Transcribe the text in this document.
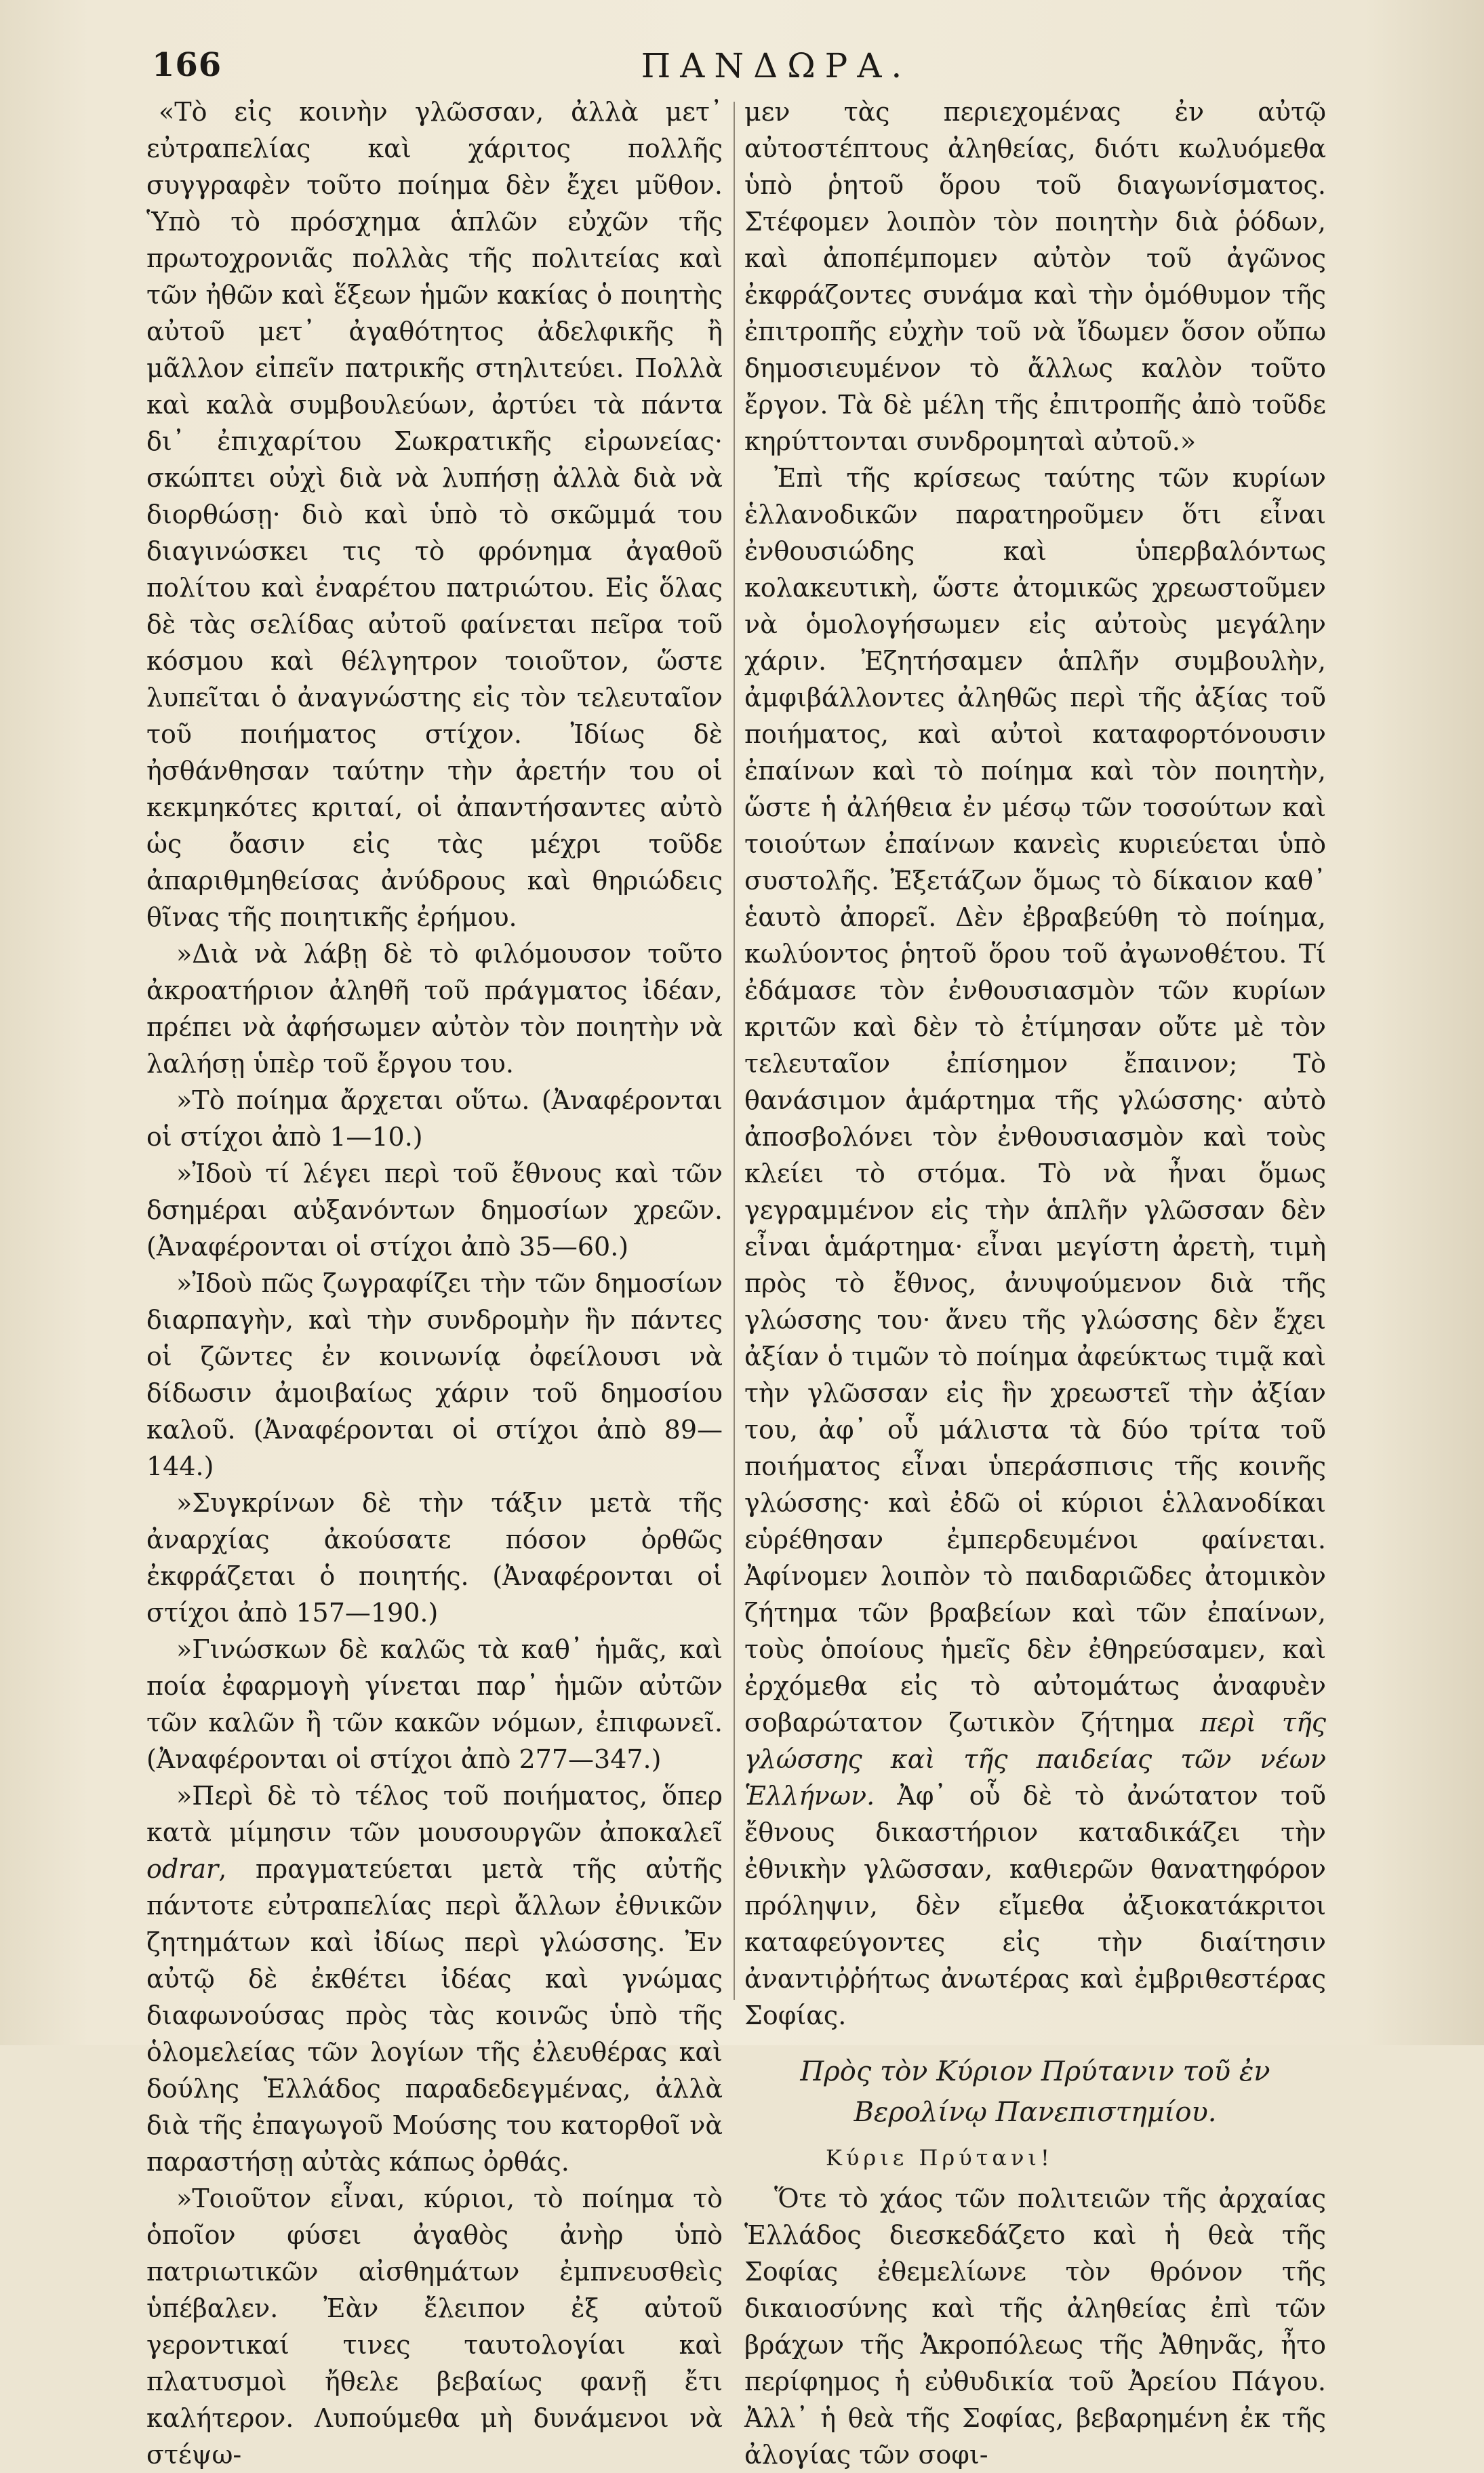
166	ΠΑΝΔΩΡΑ.

«Τὸ εἰς κοινὴν γλῶσσαν, ἀλλὰ μετ᾽ εὐτραπελίας καὶ χάριτος πολλῆς συγγραφὲν τοῦτο ποίημα δὲν ἔχει μῦθον. Ὑπὸ τὸ πρόσχημα ἁπλῶν εὐχῶν τῆς πρωτοχρονιᾶς πολλὰς τῆς πολιτείας καὶ τῶν ἠθῶν καὶ ἕξεων ἡμῶν κακίας ὁ ποιητὴς αὐτοῦ μετ᾽ ἀγαθότητος ἀδελφικῆς ἢ μᾶλλον εἰπεῖν πατρικῆς στηλιτεύει. Πολλὰ καὶ καλὰ συμβουλεύων, ἀρτύει τὰ πάντα δι᾽ ἐπιχαρίτου Σωκρατικῆς εἰρωνείας· σκώπτει οὐχὶ διὰ νὰ λυπήσῃ ἀλλὰ διὰ νὰ διορθώσῃ· διὸ καὶ ὑπὸ τὸ σκῶμμά του διαγινώσκει τις τὸ φρόνημα ἀγαθοῦ πολίτου καὶ ἐναρέτου πατριώτου. Εἰς ὅλας δὲ τὰς σελίδας αὐτοῦ φαίνεται πεῖρα τοῦ κόσμου καὶ θέλγητρον τοιοῦτον, ὥστε λυπεῖται ὁ ἀναγνώστης εἰς τὸν τελευταῖον τοῦ ποιήματος στίχον. Ἰδίως δὲ ἠσθάνθησαν ταύτην τὴν ἀρετήν του οἱ κεκμηκότες κριταί, οἱ ἀπαντήσαντες αὐτὸ ὡς ὄασιν εἰς τὰς μέχρι τοῦδε ἀπαριθμηθείσας ἀνύδρους καὶ θηριώδεις θῖνας τῆς ποιητικῆς ἐρήμου.

»Διὰ νὰ λάβῃ δὲ τὸ φιλόμουσον τοῦτο ἀκροατήριον ἀληθῆ τοῦ πράγματος ἰδέαν, πρέπει νὰ ἀφήσωμεν αὐτὸν τὸν ποιητὴν νὰ λαλήσῃ ὑπὲρ τοῦ ἔργου του.

»Τὸ ποίημα ἄρχεται οὕτω. (Ἀναφέρονται οἱ στίχοι ἀπὸ 1—10.)

»Ἰδοὺ τί λέγει περὶ τοῦ ἔθνους καὶ τῶν δσημέραι αὐξανόντων δημοσίων χρεῶν. (Ἀναφέρονται οἱ στίχοι ἀπὸ 35—60.)

»Ἰδοὺ πῶς ζωγραφίζει τὴν τῶν δημοσίων διαρπαγὴν, καὶ τὴν συνδρομὴν ἣν πάντες οἱ ζῶντες ἐν κοινωνίᾳ ὀφείλουσι νὰ δίδωσιν ἀμοιβαίως χάριν τοῦ δημοσίου καλοῦ. (Ἀναφέρονται οἱ στίχοι ἀπὸ 89—144.)

»Συγκρίνων δὲ τὴν τάξιν μετὰ τῆς ἀναρχίας ἀκούσατε πόσον ὀρθῶς ἐκφράζεται ὁ ποιητής. (Ἀναφέρονται οἱ στίχοι ἀπὸ 157—190.)

»Γινώσκων δὲ καλῶς τὰ καθ᾽ ἡμᾶς, καὶ ποία ἐφαρμογὴ γίνεται παρ᾽ ἡμῶν αὐτῶν τῶν καλῶν ἢ τῶν κακῶν νόμων, ἐπιφωνεῖ. (Ἀναφέρονται οἱ στίχοι ἀπὸ 277—347.)

»Περὶ δὲ τὸ τέλος τοῦ ποιήματος, ὅπερ κατὰ μίμησιν τῶν μουσουργῶν ἀποκαλεῖ odrar, πραγματεύεται μετὰ τῆς αὐτῆς πάντοτε εὐτραπελίας περὶ ἄλλων ἐθνικῶν ζητημάτων καὶ ἰδίως περὶ γλώσσης. Ἐν αὐτῷ δὲ ἐκθέτει ἰδέας καὶ γνώμας διαφωνούσας πρὸς τὰς κοινῶς ὑπὸ τῆς ὁλομελείας τῶν λογίων τῆς ἐλευθέρας καὶ δούλης Ἑλλάδος παραδεδεγμένας, ἀλλὰ διὰ τῆς ἐπαγωγοῦ Μούσης του κατορθοῖ νὰ παραστήσῃ αὐτὰς κάπως ὀρθάς.

»Τοιοῦτον εἶναι, κύριοι, τὸ ποίημα τὸ ὁποῖον φύσει ἀγαθὸς ἀνὴρ ὑπὸ πατριωτικῶν αἰσθημάτων ἐμπνευσθεὶς ὑπέβαλεν. Ἐὰν ἔλειπον ἐξ αὐτοῦ γεροντικαί τινες ταυτολογίαι καὶ πλατυσμοὶ ἤθελε βεβαίως φανῇ ἔτι καλήτερον. Λυπούμεθα μὴ δυνάμενοι νὰ στέψω-

μεν τὰς περιεχομένας ἐν αὐτῷ αὐτοστέπτους ἀληθείας, διότι κωλυόμεθα ὑπὸ ῥητοῦ ὅρου τοῦ διαγωνίσματος. Στέφομεν λοιπὸν τὸν ποιητὴν διὰ ῥόδων, καὶ ἀποπέμπομεν αὐτὸν τοῦ ἀγῶνος ἐκφράζοντες συνάμα καὶ τὴν ὁμόθυμον τῆς ἐπιτροπῆς εὐχὴν τοῦ νὰ ἴδωμεν ὅσον οὔπω δημοσιευμένον τὸ ἄλλως καλὸν τοῦτο ἔργον. Τὰ δὲ μέλη τῆς ἐπιτροπῆς ἀπὸ τοῦδε κηρύττονται συνδρομηταὶ αὐτοῦ.»

Ἐπὶ τῆς κρίσεως ταύτης τῶν κυρίων ἑλλανοδικῶν παρατηροῦμεν ὅτι εἶναι ἐνθουσιώδης καὶ ὑπερβαλόντως κολακευτικὴ, ὥστε ἀτομικῶς χρεωστοῦμεν νὰ ὁμολογήσωμεν εἰς αὐτοὺς μεγάλην χάριν. Ἐζητήσαμεν ἁπλῆν συμβουλὴν, ἀμφιβάλλοντες ἀληθῶς περὶ τῆς ἀξίας τοῦ ποιήματος, καὶ αὐτοὶ καταφορτόνουσιν ἐπαίνων καὶ τὸ ποίημα καὶ τὸν ποιητὴν, ὥστε ἡ ἀλήθεια ἐν μέσῳ τῶν τοσούτων καὶ τοιούτων ἐπαίνων κανεὶς κυριεύεται ὑπὸ συστολῆς. Ἐξετάζων ὅμως τὸ δίκαιον καθ᾽ ἑαυτὸ ἀπορεῖ. Δὲν ἐβραβεύθη τὸ ποίημα, κωλύοντος ῥητοῦ ὅρου τοῦ ἀγωνοθέτου. Τί ἐδάμασε τὸν ἐνθουσιασμὸν τῶν κυρίων κριτῶν καὶ δὲν τὸ ἐτίμησαν οὔτε μὲ τὸν τελευταῖον ἐπίσημον ἔπαινον; Τὸ θανάσιμον ἁμάρτημα τῆς γλώσσης· αὐτὸ ἀποσβολόνει τὸν ἐνθουσιασμὸν καὶ τοὺς κλείει τὸ στόμα. Τὸ νὰ ἦναι ὅμως γεγραμμένον εἰς τὴν ἁπλῆν γλῶσσαν δὲν εἶναι ἁμάρτημα· εἶναι μεγίστη ἀρετὴ, τιμὴ πρὸς τὸ ἔθνος, ἀνυψούμενον διὰ τῆς γλώσσης του· ἄνευ τῆς γλώσσης δὲν ἔχει ἀξίαν ὁ τιμῶν τὸ ποίημα ἀφεύκτως τιμᾷ καὶ τὴν γλῶσσαν εἰς ἣν χρεωστεῖ τὴν ἀξίαν του, ἀφ᾽ οὗ μάλιστα τὰ δύο τρίτα τοῦ ποιήματος εἶναι ὑπεράσπισις τῆς κοινῆς γλώσσης· καὶ ἐδῶ οἱ κύριοι ἑλλανοδίκαι εὑρέθησαν ἐμπερδευμένοι φαίνεται. Ἀφίνομεν λοιπὸν τὸ παιδαριῶδες ἀτομικὸν ζήτημα τῶν βραβείων καὶ τῶν ἐπαίνων, τοὺς ὁποίους ἡμεῖς δὲν ἐθηρεύσαμεν, καὶ ἐρχόμεθα εἰς τὸ αὐτομάτως ἀναφυὲν σοβαρώτατον ζωτικὸν ζήτημα περὶ τῆς γλώσσης καὶ τῆς παιδείας τῶν νέων Ἑλλήνων. Ἀφ᾽ οὗ δὲ τὸ ἀνώτατον τοῦ ἔθνους δικαστήριον καταδικάζει τὴν ἐθνικὴν γλῶσσαν, καθιερῶν θανατηφόρον πρόληψιν, δὲν εἴμεθα ἀξιοκατάκριτοι καταφεύγοντες εἰς τὴν διαίτησιν ἀναντιῤῥήτως ἀνωτέρας καὶ ἐμβριθεστέρας Σοφίας.

Πρὸς τὸν Κύριον Πρύτανιν τοῦ ἐν Βερολίνῳ Πανεπιστημίου.

Κύριε Πρύτανι!

Ὅτε τὸ χάος τῶν πολιτειῶν τῆς ἀρχαίας Ἑλλάδος διεσκεδάζετο καὶ ἡ θεὰ τῆς Σοφίας ἐθεμελίωνε τὸν θρόνον τῆς δικαιοσύνης καὶ τῆς ἀληθείας ἐπὶ τῶν βράχων τῆς Ἀκροπόλεως τῆς Ἀθηνᾶς, ἦτο περίφημος ἡ εὐθυδικία τοῦ Ἀρείου Πάγου. Ἀλλ᾽ ἡ θεὰ τῆς Σοφίας, βεβαρημένη ἐκ τῆς ἀλογίας τῶν σοφι-
